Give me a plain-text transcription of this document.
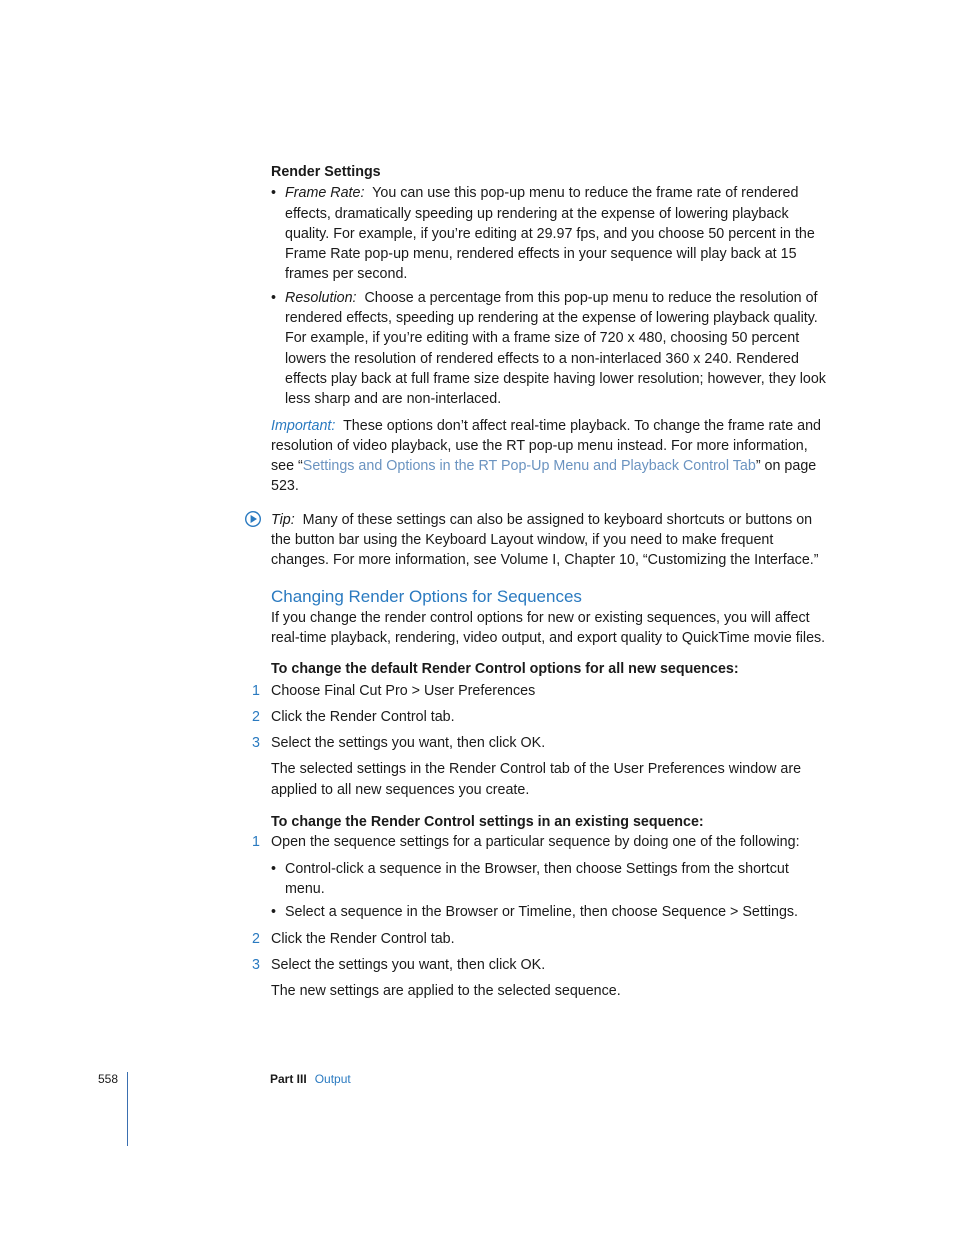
Render Settings

• Frame Rate: You can use this pop-up menu to reduce the frame rate of rendered effects, dramatically speeding up rendering at the expense of lowering playback quality. For example, if you’re editing at 29.97 fps, and you choose 50 percent in the Frame Rate pop-up menu, rendered effects in your sequence will play back at 15 frames per second.
• Resolution: Choose a percentage from this pop-up menu to reduce the resolution of rendered effects, speeding up rendering at the expense of lowering playback quality. For example, if you’re editing with a frame size of 720 x 480, choosing 50 percent lowers the resolution of rendered effects to a non-interlaced 360 x 240. Rendered effects play back at full frame size despite having lower resolution; however, they look less sharp and are non-interlaced.

Important: These options don’t affect real-time playback. To change the frame rate and resolution of video playback, use the RT pop-up menu instead. For more information, see “Settings and Options in the RT Pop-Up Menu and Playback Control Tab” on page 523.

Tip: Many of these settings can also be assigned to keyboard shortcuts or buttons on the button bar using the Keyboard Layout window, if you need to make frequent changes. For more information, see Volume I, Chapter 10, “Customizing the Interface.”

Changing Render Options for Sequences

If you change the render control options for new or existing sequences, you will affect real-time playback, rendering, video output, and export quality to QuickTime movie files.

To change the default Render Control options for all new sequences:

1 Choose Final Cut Pro > User Preferences
2 Click the Render Control tab.
3 Select the settings you want, then click OK.

The selected settings in the Render Control tab of the User Preferences window are applied to all new sequences you create.

To change the Render Control settings in an existing sequence:

1 Open the sequence settings for a particular sequence by doing one of the following:
• Control-click a sequence in the Browser, then choose Settings from the shortcut menu.
• Select a sequence in the Browser or Timeline, then choose Sequence > Settings.
2 Click the Render Control tab.
3 Select the settings you want, then click OK.

The new settings are applied to the selected sequence.

558	Part III Output
